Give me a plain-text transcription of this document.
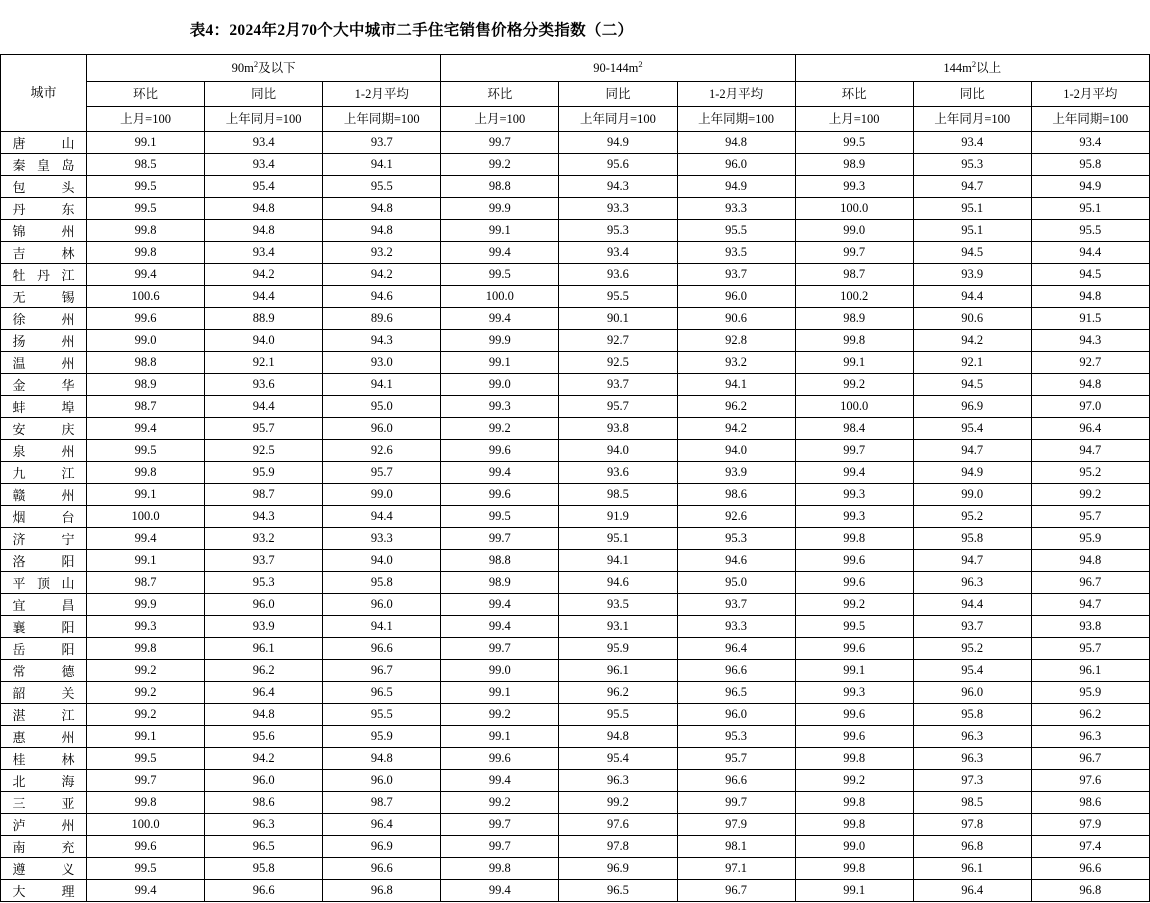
表4：2024年2月70个大中城市二手住宅销售价格分类指数（二）
城市	$90m^2$及以下			$90-144m^2$			$144m^2$以上		
	环比	同比	1-2月平均	环比	同比	1-2月平均	环比	同比	1-2月平均
	上月=100	上年同月=100	上年同期=100	上月=100	上年同月=100	上年同期=100	上月=100	上年同月=100	上年同期=100

唐 山	99.1	93.4	93.7	99.7	94.9	94.8	99.5	93.4	93.4

秦 皇 岛	98.5	93.4	94.1	99.2	95.6	96.0	98.9	95.3	95.8

包 头	99.5	95.4	95.5	98.8	94.3	94.9	99.3	94.7	94.9

丹 东	99.5	94.8	94.8	99.9	93.3	93.3	100.0	95.1	95.1

锦 州	99.8	94.8	94.8	99.1	95.3	95.5	99.0	95.1	95.5

吉 林	99.8	93.4	93.2	99.4	93.4	93.5	99.7	94.5	94.4

牡 丹 江	99.4	94.2	94.2	99.5	93.6	93.7	98.7	93.9	94.5

无 锡	100.6	94.4	94.6	100.0	95.5	96.0	100.2	94.4	94.8

徐 州	99.6	88.9	89.6	99.4	90.1	90.6	98.9	90.6	91.5

扬 州	99.0	94.0	94.3	99.9	92.7	92.8	99.8	94.2	94.3

温 州	98.8	92.1	93.0	99.1	92.5	93.2	99.1	92.1	92.7

金 华	98.9	93.6	94.1	99.0	93.7	94.1	99.2	94.5	94.8

蚌 埠	98.7	94.4	95.0	99.3	95.7	96.2	100.0	96.9	97.0

安 庆	99.4	95.7	96.0	99.2	93.8	94.2	98.4	95.4	96.4

泉 州	99.5	92.5	92.6	99.6	94.0	94.0	99.7	94.7	94.7

九 江	99.8	95.9	95.7	99.4	93.6	93.9	99.4	94.9	95.2

赣 州	99.1	98.7	99.0	99.6	98.5	98.6	99.3	99.0	99.2

烟 台	100.0	94.3	94.4	99.5	91.9	92.6	99.3	95.2	95.7

济 宁	99.4	93.2	93.3	99.7	95.1	95.3	99.8	95.8	95.9

洛 阳	99.1	93.7	94.0	98.8	94.1	94.6	99.6	94.7	94.8

平 顶 山	98.7	95.3	95.8	98.9	94.6	95.0	99.6	96.3	96.7

宜 昌	99.9	96.0	96.0	99.4	93.5	93.7	99.2	94.4	94.7

襄 阳	99.3	93.9	94.1	99.4	93.1	93.3	99.5	93.7	93.8

岳 阳	99.8	96.1	96.6	99.7	95.9	96.4	99.6	95.2	95.7

常 德	99.2	96.2	96.7	99.0	96.1	96.6	99.1	95.4	96.1

韶 关	99.2	96.4	96.5	99.1	96.2	96.5	99.3	96.0	95.9

湛 江	99.2	94.8	95.5	99.2	95.5	96.0	99.6	95.8	96.2

惠 州	99.1	95.6	95.9	99.1	94.8	95.3	99.6	96.3	96.3

桂 林	99.5	94.2	94.8	99.6	95.4	95.7	99.8	96.3	96.7

北 海	99.7	96.0	96.0	99.4	96.3	96.6	99.2	97.3	97.6

三 亚	99.8	98.6	98.7	99.2	99.2	99.7	99.8	98.5	98.6

泸 州	100.0	96.3	96.4	99.7	97.6	97.9	99.8	97.8	97.9

南 充	99.6	96.5	96.9	99.7	97.8	98.1	99.0	96.8	97.4

遵 义	99.5	95.8	96.6	99.8	96.9	97.1	99.8	96.1	96.6

大 理	99.4	96.6	96.8	99.4	96.5	96.7	99.1	96.4	96.8
